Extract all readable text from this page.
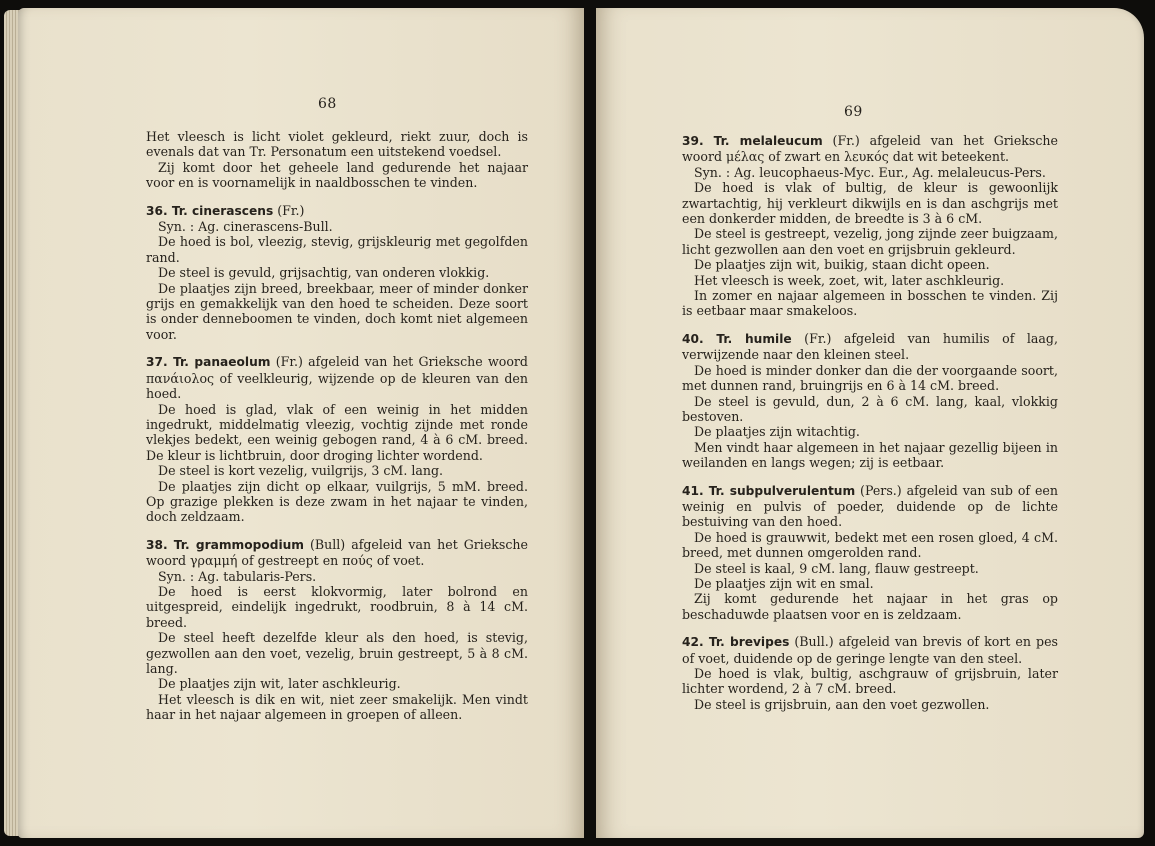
68

Het vleesch is licht violet gekleurd, riekt zuur, doch is evenals dat van Tr. Personatum een uitstekend voedsel.

Zij komt door het geheele land gedurende het najaar voor en is voornamelijk in naaldbosschen te vinden.

36. Tr. cinerascens (Fr.)

Syn. : Ag. cinerascens-Bull.

De hoed is bol, vleezig, stevig, grijskleurig met gegolfden rand.

De steel is gevuld, grijsachtig, van onderen vlokkig.

De plaatjes zijn breed, breekbaar, meer of minder donker grijs en gemakkelijk van den hoed te scheiden. Deze soort is onder denneboomen te vinden, doch komt niet algemeen voor.

37. Tr. panaeolum (Fr.) afgeleid van het Grieksche woord πανάιολος of veelkleurig, wijzende op de kleuren van den hoed.

De hoed is glad, vlak of een weinig in het midden ingedrukt, middelmatig vleezig, vochtig zijnde met ronde vlekjes bedekt, een weinig gebogen rand, 4 à 6 cM. breed. De kleur is lichtbruin, door droging lichter wordend.

De steel is kort vezelig, vuilgrijs, 3 cM. lang.

De plaatjes zijn dicht op elkaar, vuilgrijs, 5 mM. breed. Op grazige plekken is deze zwam in het najaar te vinden, doch zeldzaam.

38. Tr. grammopodium (Bull) afgeleid van het Grieksche woord γραμμή of gestreept en πούς of voet.

Syn. : Ag. tabularis-Pers.

De hoed is eerst klokvormig, later bolrond en uitgespreid, eindelijk ingedrukt, roodbruin, 8 à 14 cM. breed.

De steel heeft dezelfde kleur als den hoed, is stevig, gezwollen aan den voet, vezelig, bruin gestreept, 5 à 8 cM. lang.

De plaatjes zijn wit, later aschkleurig.

Het vleesch is dik en wit, niet zeer smakelijk. Men vindt haar in het najaar algemeen in groepen of alleen.

69

39. Tr. melaleucum (Fr.) afgeleid van het Grieksche woord μέλας of zwart en λευκός dat wit beteekent.

Syn. : Ag. leucophaeus-Myc. Eur., Ag. melaleucus-Pers.

De hoed is vlak of bultig, de kleur is gewoonlijk zwartachtig, hij verkleurt dikwijls en is dan aschgrijs met een donkerder midden, de breedte is 3 à 6 cM.

De steel is gestreept, vezelig, jong zijnde zeer buigzaam, licht gezwollen aan den voet en grijsbruin gekleurd.

De plaatjes zijn wit, buikig, staan dicht opeen.

Het vleesch is week, zoet, wit, later aschkleurig.

In zomer en najaar algemeen in bosschen te vinden. Zij is eetbaar maar smakeloos.

40. Tr. humile (Fr.) afgeleid van humilis of laag, verwijzende naar den kleinen steel.

De hoed is minder donker dan die der voorgaande soort, met dunnen rand, bruingrijs en 6 à 14 cM. breed.

De steel is gevuld, dun, 2 à 6 cM. lang, kaal, vlokkig bestoven.

De plaatjes zijn witachtig.

Men vindt haar algemeen in het najaar gezellig bijeen in weilanden en langs wegen; zij is eetbaar.

41. Tr. subpulverulentum (Pers.) afgeleid van sub of een weinig en pulvis of poeder, duidende op de lichte bestuiving van den hoed.

De hoed is grauwwit, bedekt met een rosen gloed, 4 cM. breed, met dunnen omgerolden rand.

De steel is kaal, 9 cM. lang, flauw gestreept.

De plaatjes zijn wit en smal.

Zij komt gedurende het najaar in het gras op beschaduwde plaatsen voor en is zeldzaam.

42. Tr. brevipes (Bull.) afgeleid van brevis of kort en pes of voet, duidende op de geringe lengte van den steel.

De hoed is vlak, bultig, aschgrauw of grijsbruin, later lichter wordend, 2 à 7 cM. breed.

De steel is grijsbruin, aan den voet gezwollen.
